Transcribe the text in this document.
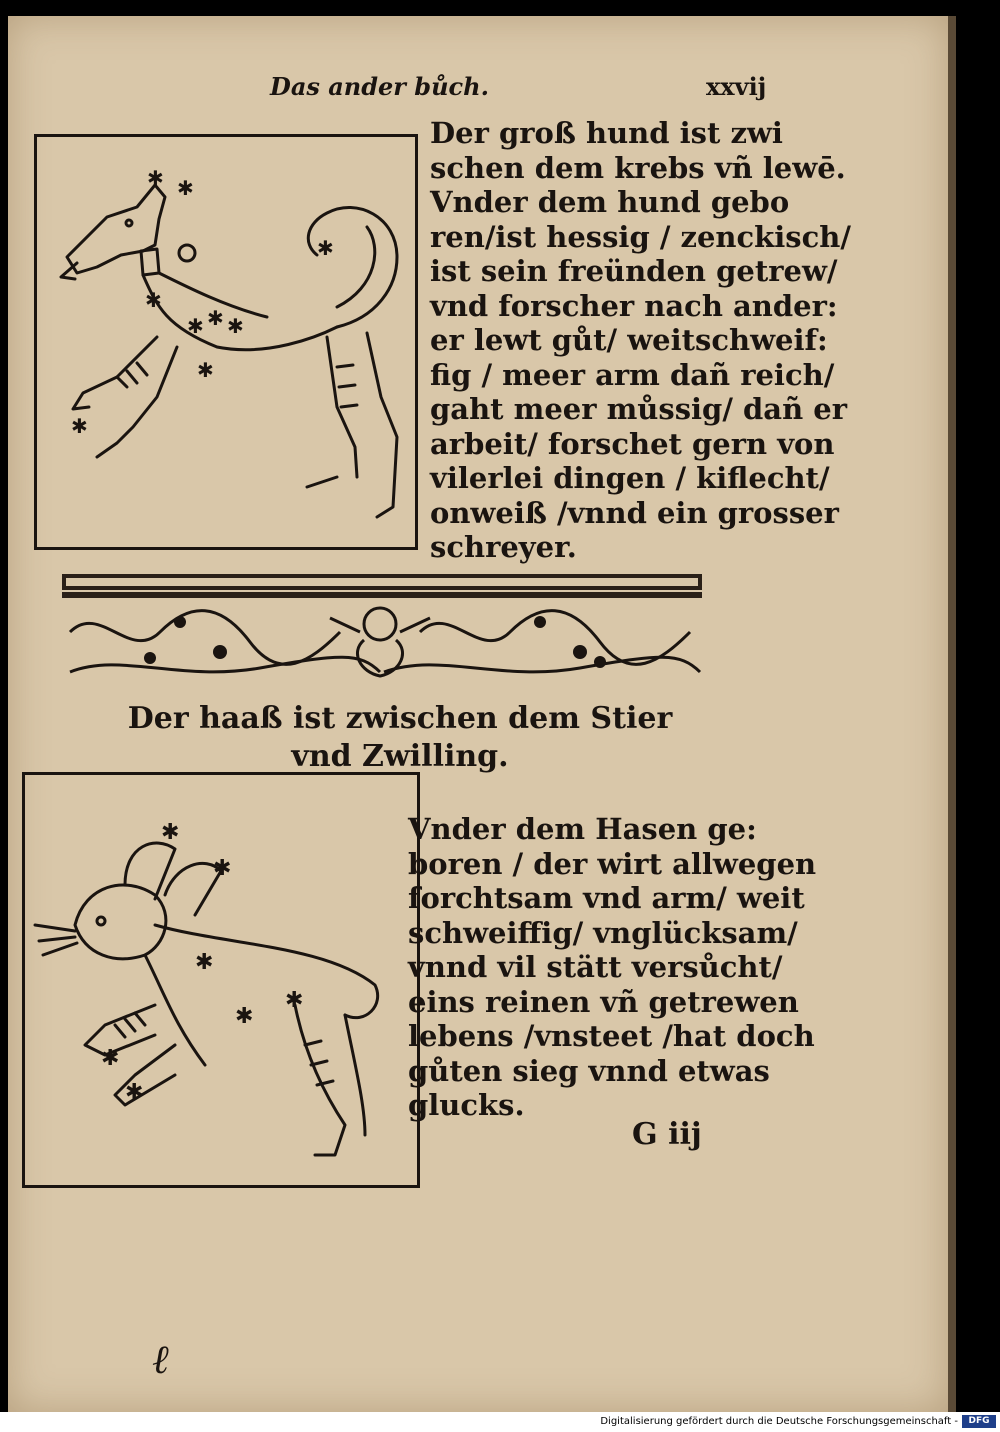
Das ander bůch.	xxvij
✱ ✱
✱
✱ ✱ ✱
✱
✱
✱
Der groß hund ist zwi
schen dem krebs vñ lewē.
Vnder dem hund gebo
ren/ist hessig / zenckisch/
ist sein freünden getrew/
vnd forscher nach ander:
er lewt gůt/ weitschweif:
fig / meer arm dañ reich/
gaht meer můssig/ dañ er
arbeit/ forschet gern von
vilerlei dingen / kiflecht/
onweiß /vnnd ein grosser
schreyer.
Der haaß ist zwischen dem Stier
vnd Zwilling.
✱
✱
✱
✱
✱
✱
✱
Vnder dem Hasen ge:
boren / der wirt allwegen
forchtsam vnd arm/ weit
schweiffig/ vnglücksam/
vnnd vil stätt versůcht/
eins reinen vñ getrewen
lebens /vnsteet /hat doch
gůten sieg vnnd etwas
glucks.
G iij
ℓ
Digitalisierung gefördert durch die Deutsche Forschungsgemeinschaft -	DFG
